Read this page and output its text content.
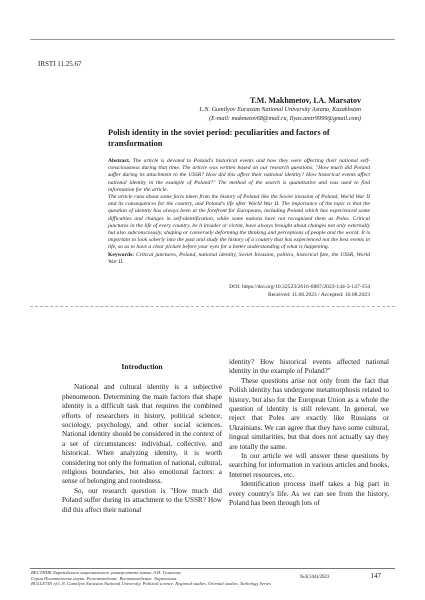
IRSTI 11.25.67
T.M. Makhmetov, I.A. Marsatov
L.N. Gumilyov Eurasian National University Astana, Kazakhstan
(E-mail: makmetov68@mail.ru, Ilyas.amir9999@gmail.com)
Polish identity in the soviet period: peculiarities and factors of transformation

Abstract. The article is devoted to Poland's historical events and how they were affecting their national self-consciousness during that time. The article was written based on our research questions: "How much did Poland suffer during its attachment to the USSR? How did this affect their national identity? How historical events affect national identity in the example of Poland?" The method of the search is quantitative and was used to find information for the article.

The article runs about some facts taken from the history of Poland like the Soviet invasion of Poland, World War II and its consequences for the country, and Poland's life after World War II. The importance of the topic is that the question of identity has always been at the forefront for Europeans, including Poland which has experienced some difficulties and changes in self-identification, while some nations have not recognized them as Poles. Critical junctures in the life of every country, be it invader or victim, have always brought about changes not only externally but also subconsciously, shaping or conversely deforming the thinking and perceptions of people and the world. It is important to look soberly into the past and study the history of a country that has experienced not the best events in life, so as to have a clear picture before your eyes for a better understanding of what is happening.

Keywords: Critical junctures, Poland, national identity, Soviet Invasion, politics, historical fate, the USSR, World War II.

DOI: https://doi.org/10.32523/2616-6887/2023-144-3-147-154
Received: 11.06.2023 / Accepted: 10.08.2023

Introduction

National and cultural identity is a subjective phenomenon. Determining the main factors that shape identity is a difficult task that requires the combined efforts of researchers in history, political science, sociology, psychology, and other social sciences. National identity should be considered in the context of a set of circumstances: individual, collective, and historical. When analyzing identity, it is worth considering not only the formation of national, cultural, religious boundaries, but also emotional factors: a sense of belonging and rootedness.

So, our research question is "How much did Poland suffer during its attachment to the USSR? How did this affect their national

identity? How historical events affected national identity in the example of Poland?"

These questions arise not only from the fact that Polish identity has undergone metamorphosis related to history, but also for the European Union as a whole the question of identity is still relevant. In general, we reject that Poles are exactly like Russians or Ukrainians. We can agree that they have some cultural, lingual similarities, but that does not actually say they are totally the same.

In our article we will answer these questions by searching for information in various articles and books, Internet resources, etc.

Identification process itself takes a big part in every country's life. As we can see from the history, Poland has been through lots of

ВЕСТНИК Евразийского национального университета имени Л.Н. Гумилева.
Серия Политические науки. Регионоведение. Востоковедение. Тюркология.
BULLETIN of L.N. Gumilyov Eurasian National University. Political science. Regional studies. Oriental studies. Turkology Series
№3(144)/2023	147
